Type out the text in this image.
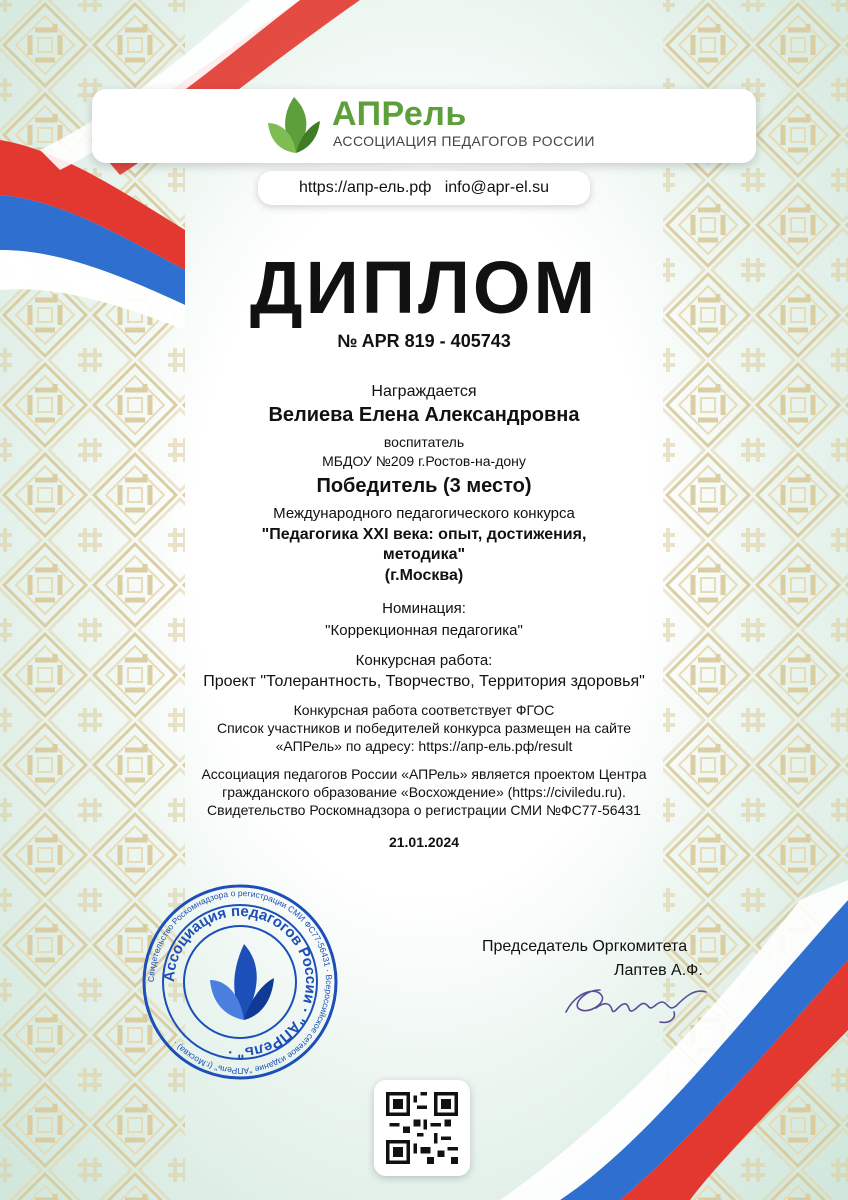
АПРель
АССОЦИАЦИЯ ПЕДАГОГОВ РОССИИ
https://апр-ель.рф   info@apr-el.su
ДИПЛОМ
№ APR 819 - 405743
Награждается
Велиева Елена Александровна
воспитатель
МБДОУ №209 г.Ростов-на-дону
Победитель (3 место)
Международного педагогического конкурса
"Педагогика XXI века: опыт, достижения,
методика"
(г.Москва)
Номинация:
"Коррекционная педагогика"
Конкурсная работа:
Проект "Толерантность, Творчество, Территория здоровья"
Конкурсная работа соответствует ФГОС
Список участников и победителей конкурса размещен на сайте
«АПРель» по адресу: https://апр-ель.рф/result
Ассоциация педагогов России «АПРель» является проектом Центра
гражданского образование «Восхождение» (https://civiledu.ru).
Свидетельство Роскомнадзора о регистрации СМИ №ФС77-56431
21.01.2024
Свидетельство Роскомнадзора о регистрации СМИ ФС77-56431 · Всероссийское сетевое издание "АПРель" (г.Москва) ·
Ассоциация педагогов России · "АПРель" ·
Председатель Оргкомитета
Лаптев А.Ф.
